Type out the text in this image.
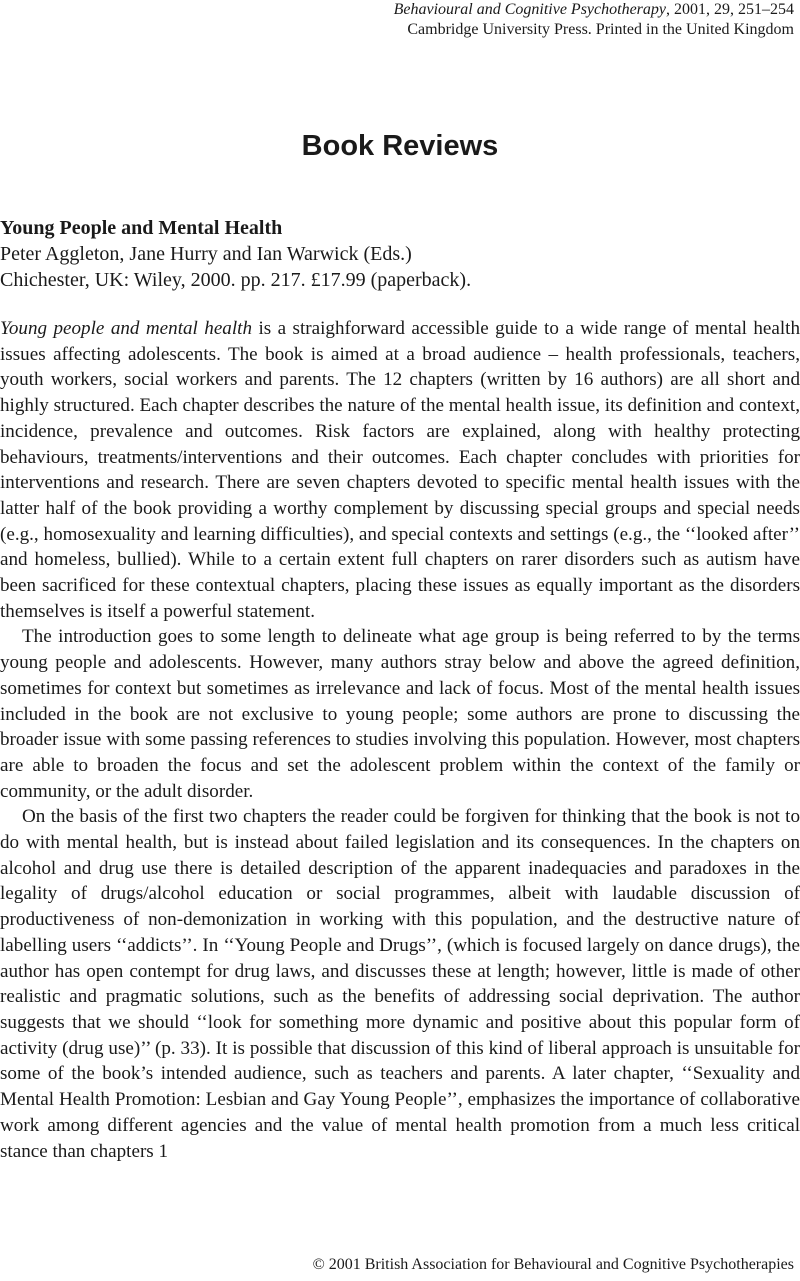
Behavioural and Cognitive Psychotherapy, 2001, 29, 251–254
Cambridge University Press. Printed in the United Kingdom
Book Reviews
Young People and Mental Health
Peter Aggleton, Jane Hurry and Ian Warwick (Eds.)
Chichester, UK: Wiley, 2000. pp. 217. £17.99 (paperback).

Young people and mental health is a straighforward accessible guide to a wide range of mental health issues affecting adolescents. The book is aimed at a broad audience – health professionals, teachers, youth workers, social workers and parents. The 12 chapters (written by 16 authors) are all short and highly structured. Each chapter describes the nature of the mental health issue, its definition and context, incidence, prevalence and outcomes. Risk factors are explained, along with healthy protecting behaviours, treatments/interventions and their outcomes. Each chapter concludes with priorities for interventions and research. There are seven chapters devoted to specific mental health issues with the latter half of the book providing a worthy complement by discussing special groups and special needs (e.g., homosexuality and learning difficulties), and special contexts and settings (e.g., the ‘‘looked after’’ and homeless, bullied). While to a certain extent full chapters on rarer disorders such as autism have been sacrificed for these contextual chapters, placing these issues as equally important as the disorders themselves is itself a powerful statement.

The introduction goes to some length to delineate what age group is being referred to by the terms young people and adolescents. However, many authors stray below and above the agreed definition, sometimes for context but sometimes as irrelevance and lack of focus. Most of the mental health issues included in the book are not exclusive to young people; some authors are prone to discussing the broader issue with some passing references to studies involving this population. However, most chapters are able to broaden the focus and set the adolescent problem within the context of the family or community, or the adult disorder.

On the basis of the first two chapters the reader could be forgiven for thinking that the book is not to do with mental health, but is instead about failed legislation and its consequences. In the chapters on alcohol and drug use there is detailed description of the apparent inadequacies and paradoxes in the legality of drugs/alcohol education or social programmes, albeit with laudable discussion of productiveness of non-demonization in working with this population, and the destructive nature of labelling users ‘‘addicts’’. In ‘‘Young People and Drugs’’, (which is focused largely on dance drugs), the author has open contempt for drug laws, and discusses these at length; however, little is made of other realistic and pragmatic solutions, such as the benefits of addressing social deprivation. The author suggests that we should ‘‘look for something more dynamic and positive about this popular form of activity (drug use)’’ (p. 33). It is possible that discussion of this kind of liberal approach is unsuitable for some of the book’s intended audience, such as teachers and parents. A later chapter, ‘‘Sexuality and Mental Health Promotion: Lesbian and Gay Young People’’, emphasizes the importance of collaborative work among different agencies and the value of mental health promotion from a much less critical stance than chapters 1

© 2001 British Association for Behavioural and Cognitive Psychotherapies
